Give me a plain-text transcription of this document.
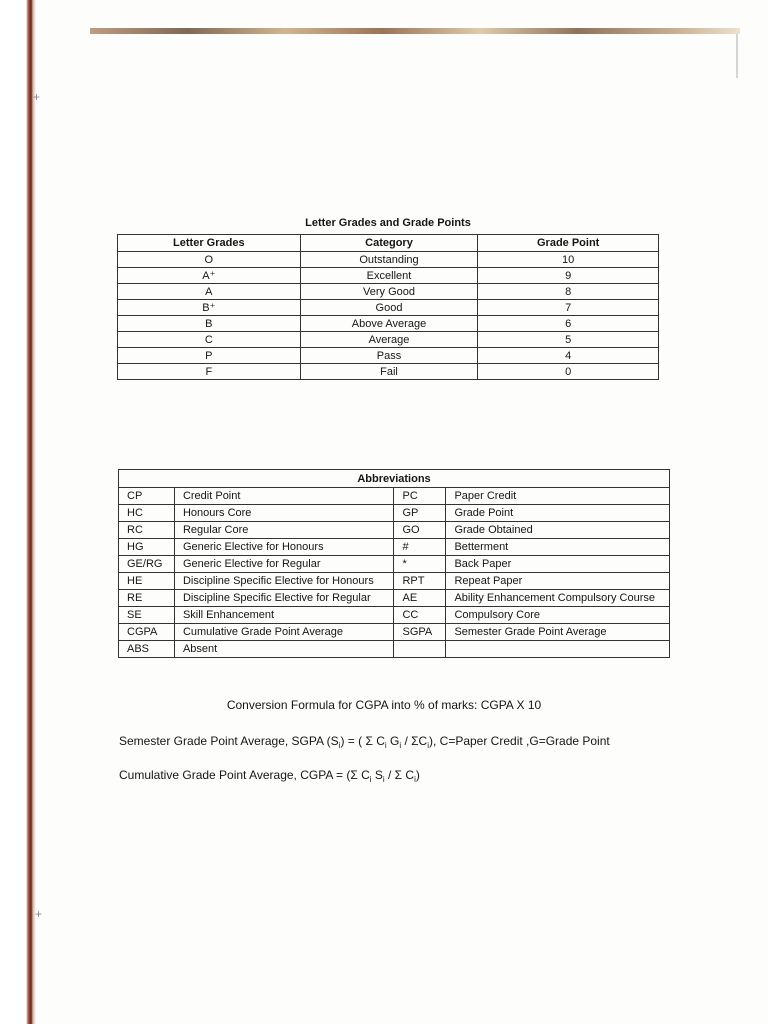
+
+
Letter Grades and Grade Points
Letter Grades	Category	Grade Point
O	Outstanding	10
A⁺	Excellent	9
A	Very Good	8
B⁺	Good	7
B	Above Average	6
C	Average	5
P	Pass	4
F	Fail	0
Abbreviations			
CP	Credit Point	PC	Paper Credit
HC	Honours Core	GP	Grade Point
RC	Regular Core	GO	Grade Obtained
HG	Generic Elective for Honours	#	Betterment
GE/RG	Generic Elective for Regular	*	Back Paper
HE	Discipline Specific Elective for Honours	RPT	Repeat Paper
RE	Discipline Specific Elective for Regular	AE	Ability Enhancement Compulsory Course
SE	Skill Enhancement	CC	Compulsory Core
CGPA	Cumulative Grade Point Average	SGPA	Semester Grade Point Average
ABS	Absent		
Conversion Formula for CGPA into % of marks: CGPA X 10
Semester Grade Point Average, SGPA $(S_i)$ = ( Σ $C_i$ $G_i / \Sigma C_i$), C=Paper Credit ,G=Grade Point
Cumulative Grade Point Average, CGPA = (Σ $C_i$ $S_i$ / Σ $C_i$)
